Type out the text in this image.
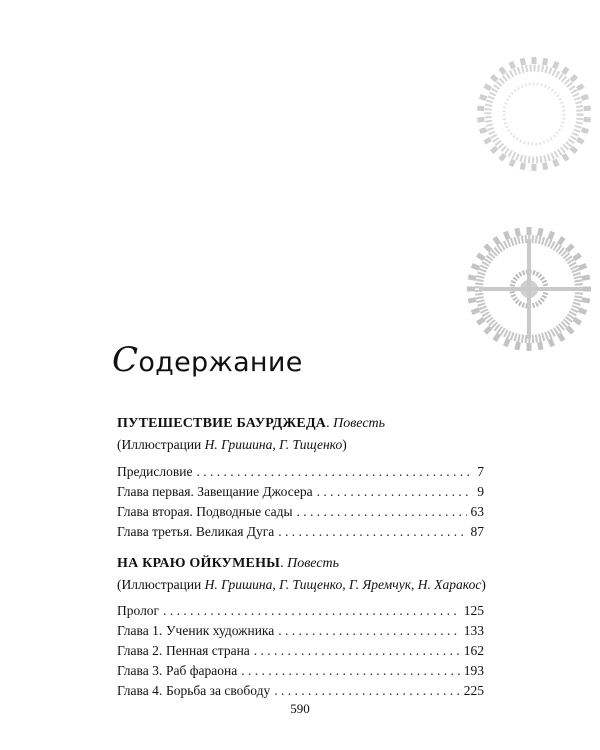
Содержание
ПУТЕШЕСТВИЕ БАУРДЖЕДА. Повесть
(Иллюстрации Н. Гришина, Г. Тищенко)
Предисловие . . .	7
Глава первая. Завещание Джосера . . .	9
Глава вторая. Подводные сады . . .	63
Глава третья. Великая Дуга . . .	87
НА КРАЮ ОЙКУМЕНЫ. Повесть
(Иллюстрации Н. Гришина, Г. Тищенко, Г. Яремчук, Н. Харакос)
Пролог . . .	125
Глава 1. Ученик художника . . .	133
Глава 2. Пенная страна . . .	162
Глава 3. Раб фараона . . .	193
Глава 4. Борьба за свободу . . .	225
590
